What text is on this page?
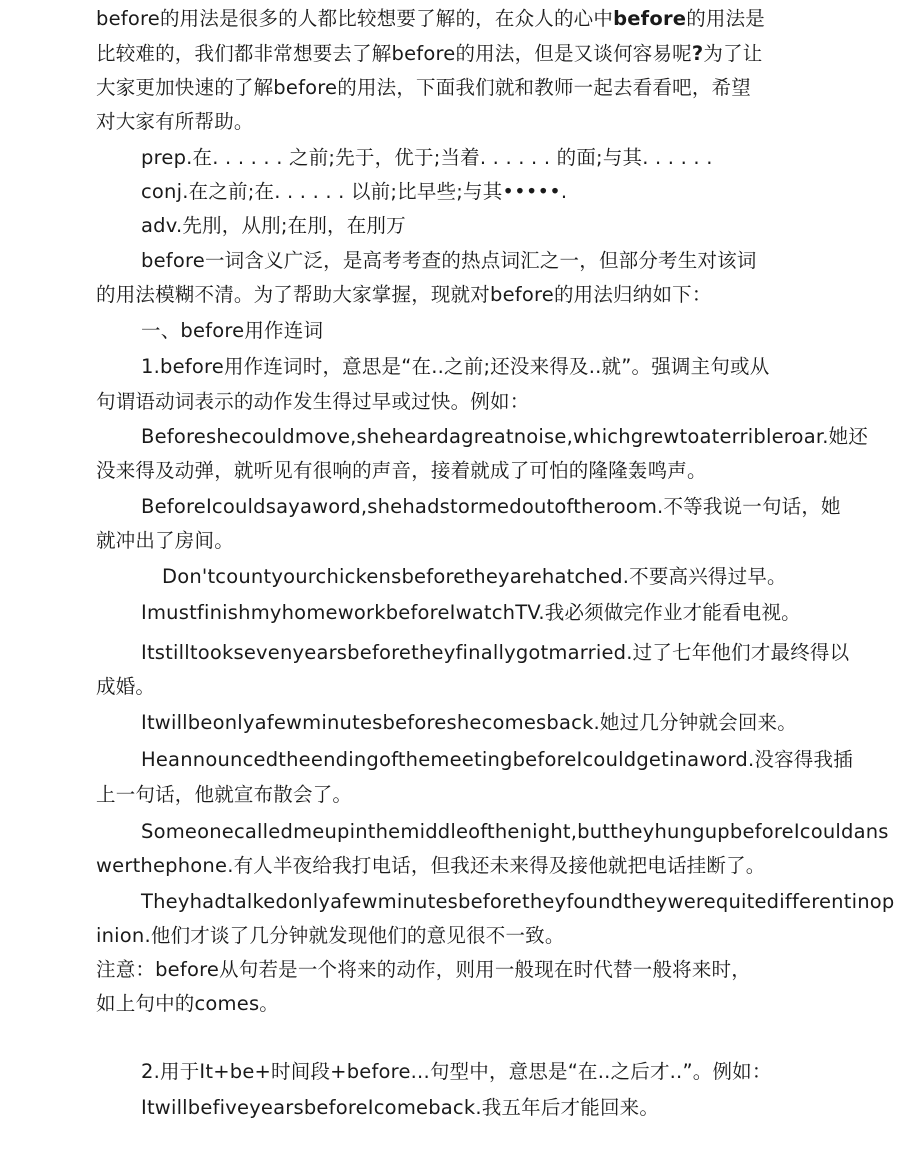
before的用法是很多的人都比较想要了解的，在众人的心中before的用法是
比较难的，我们都非常想要去了解before的用法，但是又谈何容易呢?为了让
大家更加快速的了解before的用法，下面我们就和教师一起去看看吧，希望
对大家有所帮助。
prep.在. . . . . . 之前;先于，优于;当着. . . . . . 的面;与其. . . . . .
conj.在之前;在. . . . . . 以前;比早些;与其•••••.
adv.先刖，从刖;在刖，在刖万
before一词含义广泛，是高考考查的热点词汇之一，但部分考生对该词
的用法模糊不清。为了帮助大家掌握，现就对before的用法归纳如下：
一、before用作连词
1.before用作连词时，意思是“在..之前;还没来得及..就”。强调主句或从
句谓语动词表示的动作发生得过早或过快。例如：
Beforeshecouldmove,sheheardagreatnoise,whichgrewtoaterribleroar.她还
没来得及动弹，就听见有很响的声音，接着就成了可怕的隆隆轰鸣声。
BeforeIcouldsayaword,shehadstormedoutoftheroom.不等我说一句话，她
就冲出了房间。
Don'tcountyourchickensbeforetheyarehatched.不要高兴得过早。
ImustfinishmyhomeworkbeforeIwatchTV.我必须做完作业才能看电视。
Itstilltooksevenyearsbeforetheyfinallygotmarried.过了七年他们才最终得以
成婚。
Itwillbeonlyafewminutesbeforeshecomesback.她过几分钟就会回来。
HeannouncedtheendingofthemeetingbeforeIcouldgetinaword.没容得我插
上一句话，他就宣布散会了。
Someonecalledmeupinthemiddleofthenight,buttheyhungupbeforeIcouldans
werthephone.有人半夜给我打电话，但我还未来得及接他就把电话挂断了。
Theyhadtalkedonlyafewminutesbeforetheyfoundtheywerequitedifferentinop
inion.他们才谈了几分钟就发现他们的意见很不一致。
注意：before从句若是一个将来的动作，则用一般现在时代替一般将来时，
如上句中的comes。
2.用于It+be+时间段+before...句型中，意思是“在..之后才..”。例如：
ItwillbefiveyearsbeforeIcomeback.我五年后才能回来。
